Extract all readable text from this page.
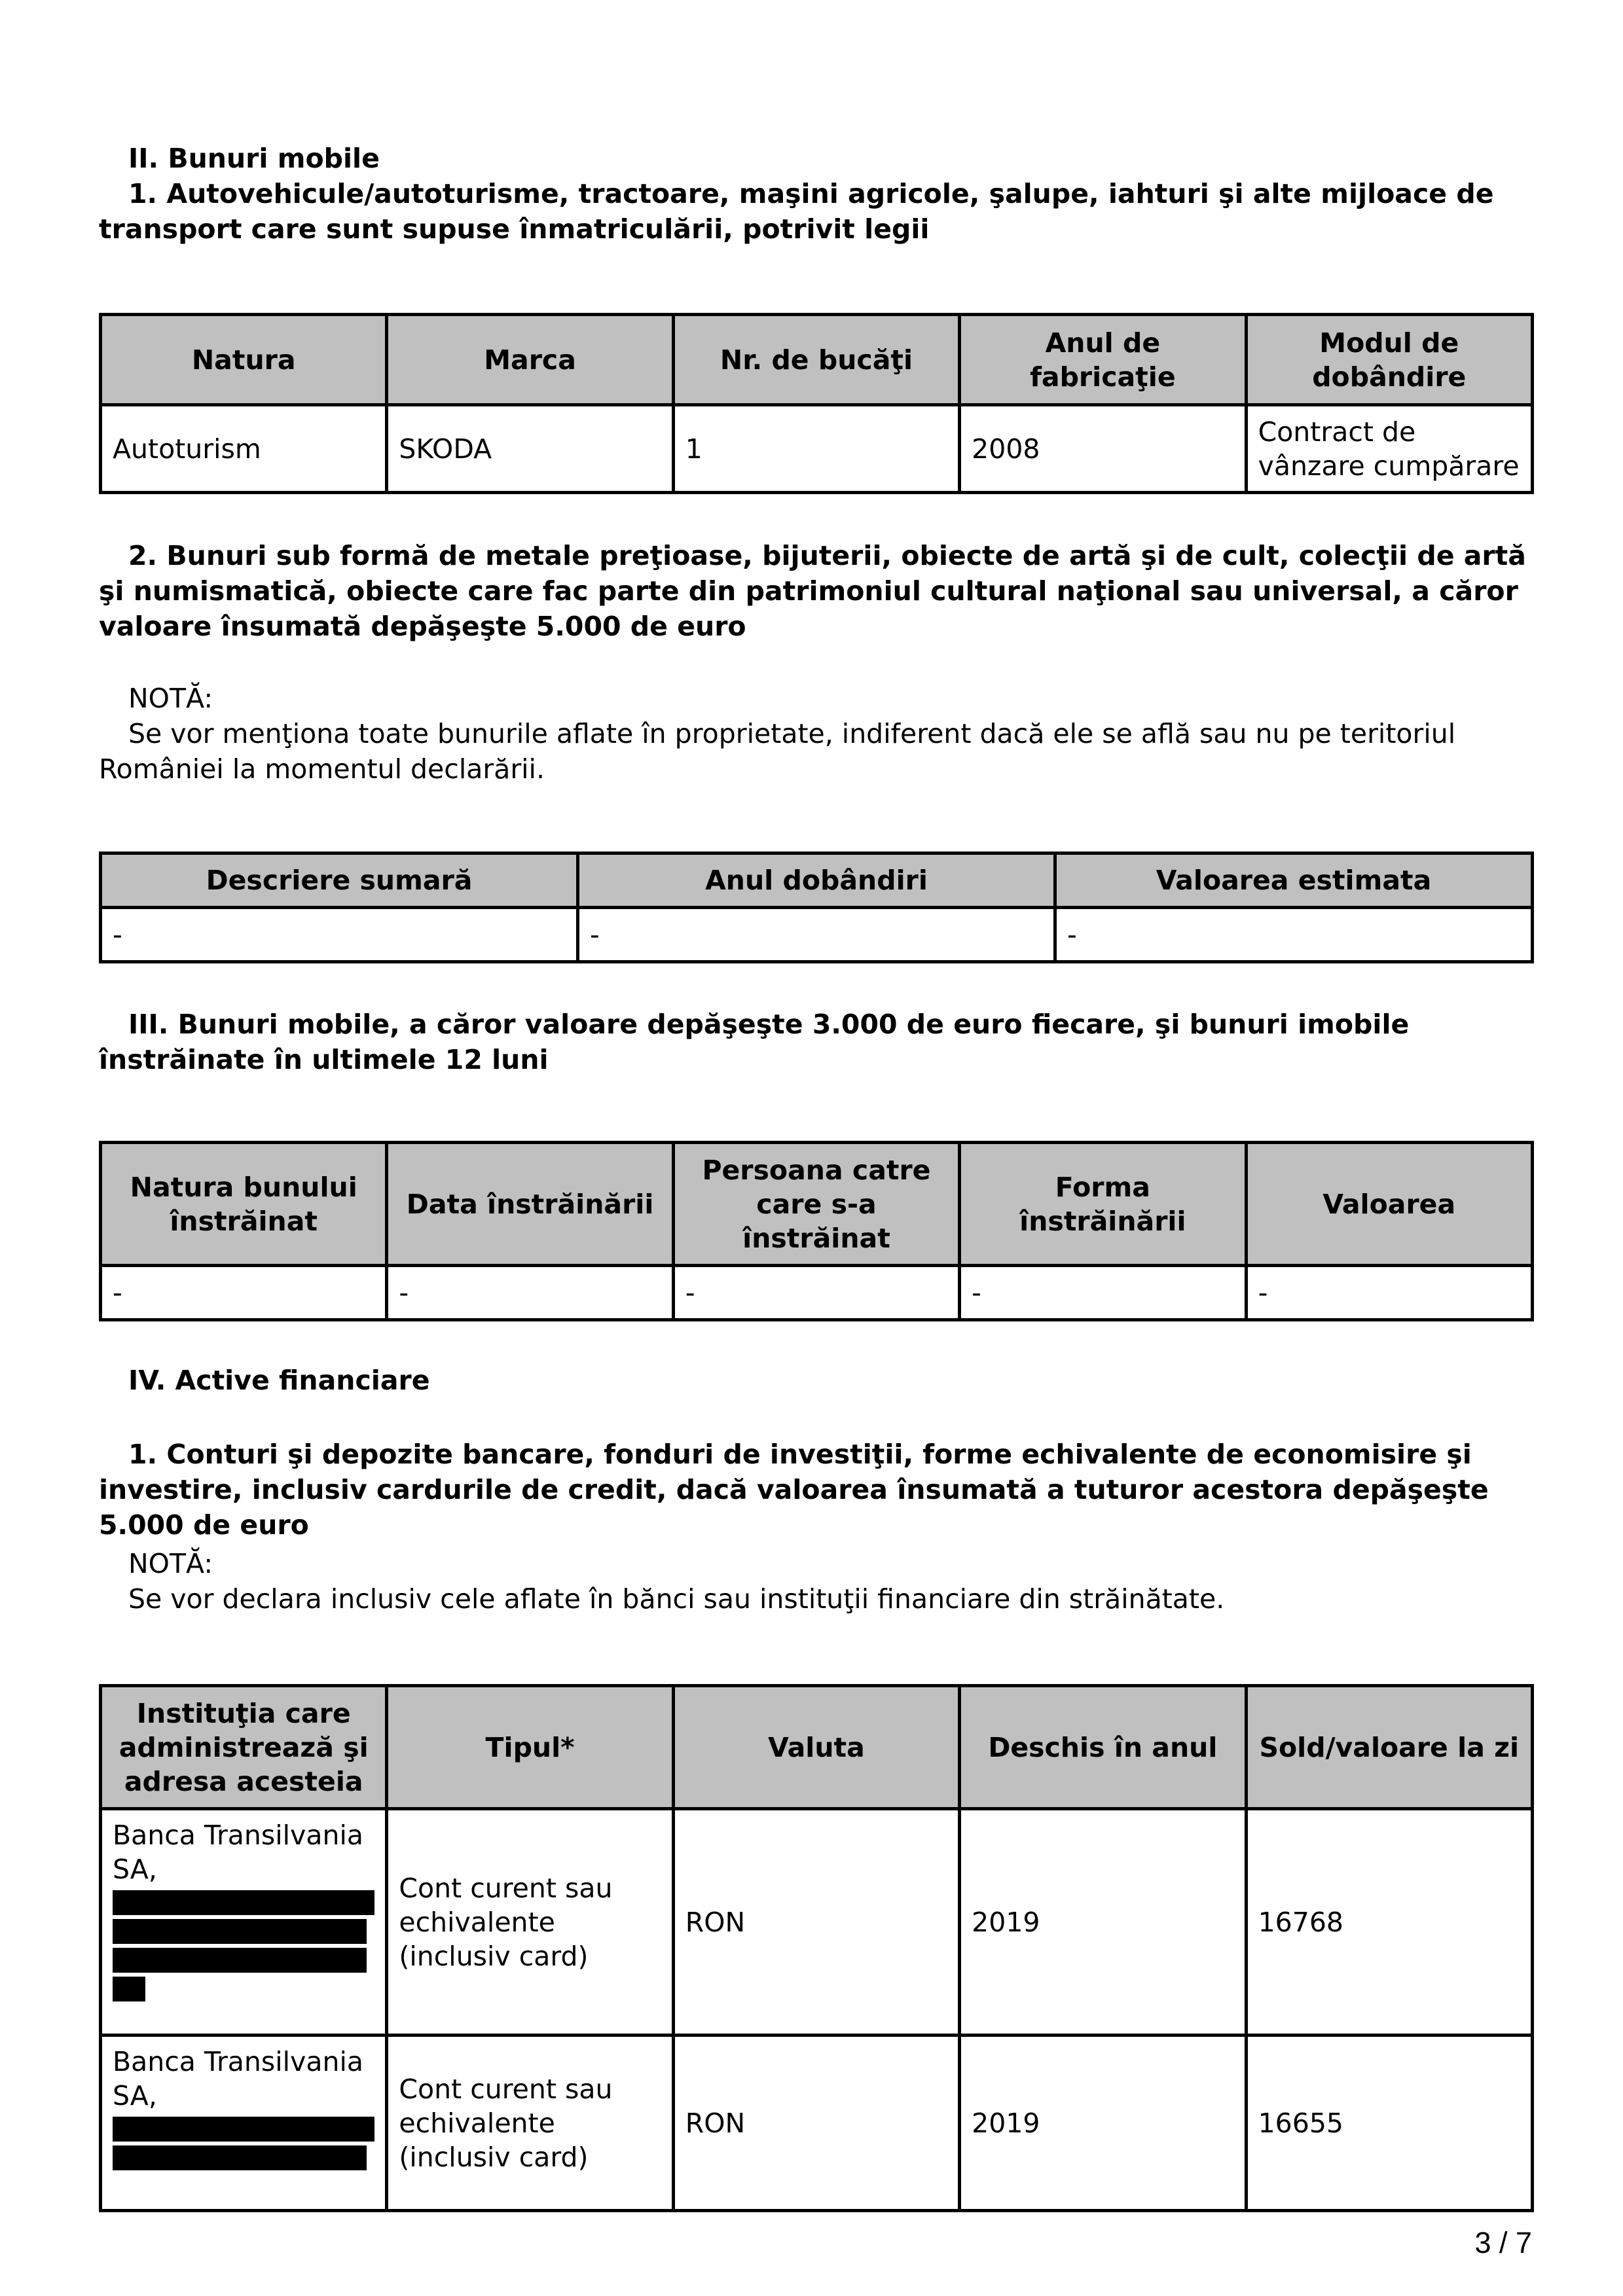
II. Bunuri mobile
1. Autovehicule/autoturisme, tractoare, maşini agricole, şalupe, iahturi şi alte mijloace de transport care sunt supuse înmatriculării, potrivit legii
Natura	Marca	Nr. de bucăţi	Anul de fabricaţie	Modul de dobândire
Autoturism	SKODA	1	2008	Contract de vânzare cumpărare
2. Bunuri sub formă de metale preţioase, bijuterii, obiecte de artă şi de cult, colecţii de artă şi numismatică, obiecte care fac parte din patrimoniul cultural naţional sau universal, a căror valoare însumată depăşeşte 5.000 de euro
NOTĂ:
Se vor menţiona toate bunurile aflate în proprietate, indiferent dacă ele se află sau nu pe teritoriul României la momentul declarării.
Descriere sumară	Anul dobândiri	Valoarea estimata
-	-	-
III. Bunuri mobile, a căror valoare depăşeşte 3.000 de euro fiecare, şi bunuri imobile înstrăinate în ultimele 12 luni
Natura bunului înstrăinat	Data înstrăinării	Persoana catre care s-a înstrăinat	Forma înstrăinării	Valoarea
-	-	-	-	-
IV. Active financiare
1. Conturi şi depozite bancare, fonduri de investiţii, forme echivalente de economisire şi investire, inclusiv cardurile de credit, dacă valoarea însumată a tuturor acestora depăşeşte 5.000 de euro
NOTĂ:
Se vor declara inclusiv cele aflate în bănci sau instituţii financiare din străinătate.
Instituţia care administrează şi adresa acesteia	Tipul*	Valuta	Deschis în anul	Sold/valoare la zi
Banca Transilvania SA,	Cont curent sau echivalente (inclusiv card)	RON	2019	16768
Banca Transilvania SA,	Cont curent sau echivalente (inclusiv card)	RON	2019	16655
3 / 7
